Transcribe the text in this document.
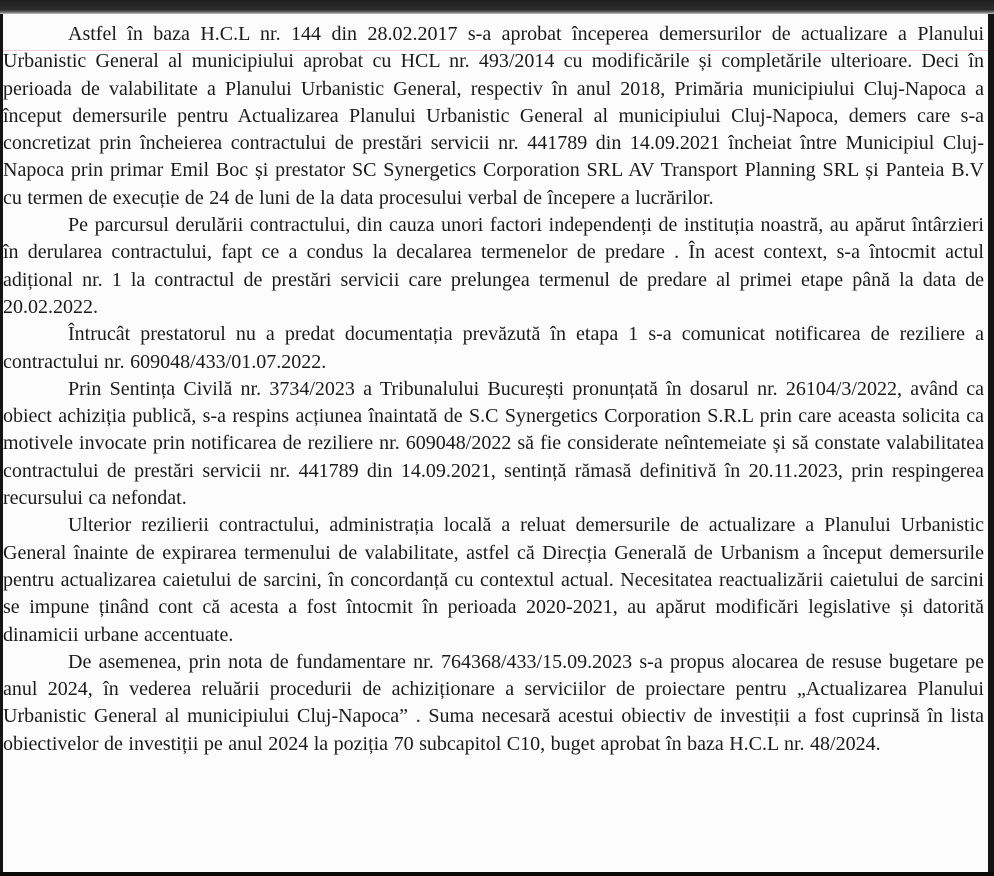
Astfel în baza H.C.L nr. 144 din 28.02.2017 s-a aprobat începerea demersurilor de actualizare a Planului Urbanistic General al municipiului aprobat cu HCL nr. 493/2014 cu modificările și completările ulterioare. Deci în perioada de valabilitate a Planului Urbanistic General, respectiv în anul 2018, Primăria municipiului Cluj-Napoca a început demersurile pentru Actualizarea Planului Urbanistic General al municipiului Cluj-Napoca, demers care s-a concretizat prin încheierea contractului de prestări servicii nr. 441789 din 14.09.2021 încheiat între Municipiul Cluj-Napoca prin primar Emil Boc și prestator SC Synergetics Corporation SRL AV Transport Planning SRL și Panteia B.V cu termen de execuție de 24 de luni de la data procesului verbal de începere a lucrărilor.

Pe parcursul derulării contractului, din cauza unori factori independenți de instituția noastră, au apărut întârzieri în derularea contractului, fapt ce a condus la decalarea termenelor de predare . În acest context, s-a întocmit actul adițional nr. 1 la contractul de prestări servicii care prelungea termenul de predare al primei etape până la data de 20.02.2022.

Întrucât prestatorul nu a predat documentația prevăzută în etapa 1 s-a comunicat notificarea de reziliere a contractului nr. 609048/433/01.07.2022.

Prin Sentința Civilă nr. 3734/2023 a Tribunalului București pronunțată în dosarul nr. 26104/3/2022, având ca obiect achiziția publică, s-a respins acțiunea înaintată de S.C Synergetics Corporation S.R.L prin care aceasta solicita ca motivele invocate prin notificarea de reziliere nr. 609048/2022 să fie considerate neîntemeiate și să constate valabilitatea contractului de prestări servicii nr. 441789 din 14.09.2021, sentință rămasă definitivă în 20.11.2023, prin respingerea recursului ca nefondat.

Ulterior rezilierii contractului, administrația locală a reluat demersurile de actualizare a Planului Urbanistic General înainte de expirarea termenului de valabilitate, astfel că Direcția Generală de Urbanism a început demersurile pentru actualizarea caietului de sarcini, în concordanță cu contextul actual. Necesitatea reactualizării caietului de sarcini se impune ținând cont că acesta a fost întocmit în perioada 2020-2021, au apărut modificări legislative și datorită dinamicii urbane accentuate.

De asemenea, prin nota de fundamentare nr. 764368/433/15.09.2023 s-a propus alocarea de resuse bugetare pe anul 2024, în vederea reluării procedurii de achiziționare a serviciilor de proiectare pentru „Actualizarea Planului Urbanistic General al municipiului Cluj-Napoca” . Suma necesară acestui obiectiv de investiții a fost cuprinsă în lista obiectivelor de investiții pe anul 2024 la poziția 70 subcapitol C10, buget aprobat în baza H.C.L nr. 48/2024.
